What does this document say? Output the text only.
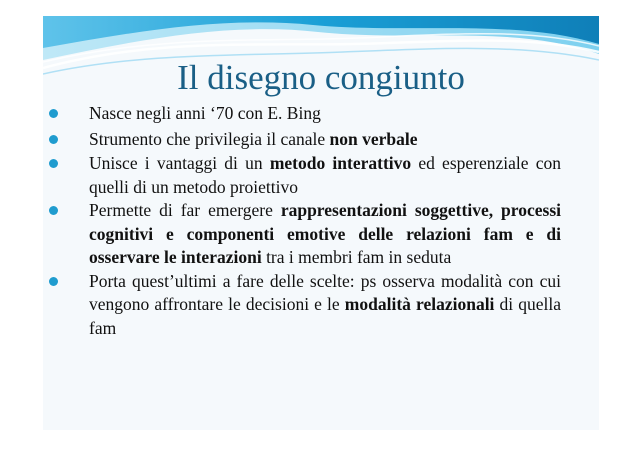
Il disegno congiunto
Nasce negli anni ‘70 con E. Bing
Strumento che privilegia il canale non verbale
Unisce i vantaggi di un metodo interattivo ed esperenziale con quelli di un metodo proiettivo
Permette di far emergere rappresentazioni soggettive, processi cognitivi e componenti emotive delle relazioni fam e di osservare le interazioni tra i membri fam in seduta
Porta quest’ultimi a fare delle scelte: ps osserva modalità con cui vengono affrontare le decisioni e le modalità relazionali di quella fam
